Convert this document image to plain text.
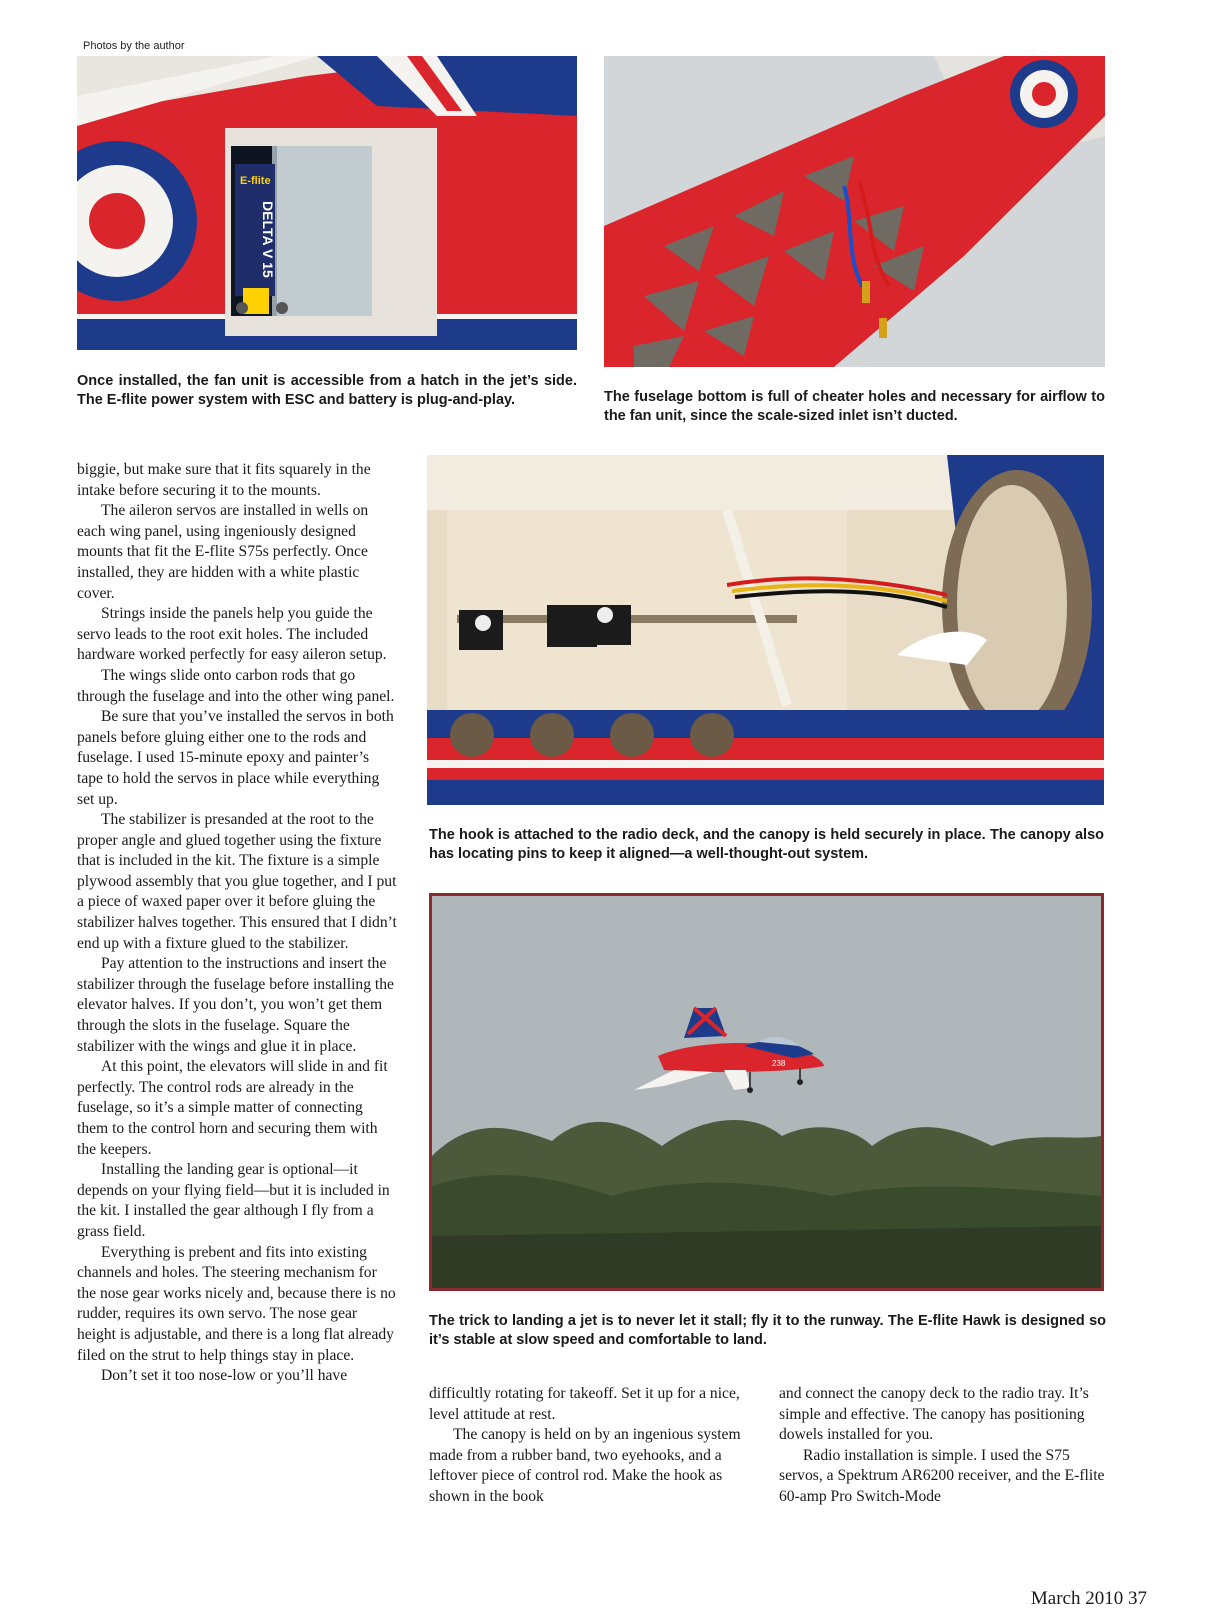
Photos by the author
E-flite
DELTA V 15
Once installed, the fan unit is accessible from a hatch in the jet’s side. The E-flite power system with ESC and battery is plug-and-play.	The fuselage bottom is full of cheater holes and necessary for airflow to the fan unit, since the scale-sized inlet isn’t ducted.
The hook is attached to the radio deck, and the canopy is held securely in place. The canopy also has locating pins to keep it aligned—a well-thought-out system.
238
The trick to landing a jet is to never let it stall; fly it to the runway. The E-flite Hawk is designed so it’s stable at slow speed and comfortable to land.

biggie, but make sure that it fits squarely in the intake before securing it to the mounts.

The aileron servos are installed in wells on each wing panel, using ingeniously designed mounts that fit the E-flite S75s perfectly. Once installed, they are hidden with a white plastic cover.

Strings inside the panels help you guide the servo leads to the root exit holes. The included hardware worked perfectly for easy aileron setup.

The wings slide onto carbon rods that go through the fuselage and into the other wing panel.

Be sure that you’ve installed the servos in both panels before gluing either one to the rods and fuselage. I used 15-minute epoxy and painter’s tape to hold the servos in place while everything set up.

The stabilizer is presanded at the root to the proper angle and glued together using the fixture that is included in the kit. The fixture is a simple plywood assembly that you glue together, and I put a piece of waxed paper over it before gluing the stabilizer halves together. This ensured that I didn’t end up with a fixture glued to the stabilizer.

Pay attention to the instructions and insert the stabilizer through the fuselage before installing the elevator halves. If you don’t, you won’t get them through the slots in the fuselage. Square the stabilizer with the wings and glue it in place.

At this point, the elevators will slide in and fit perfectly. The control rods are already in the fuselage, so it’s a simple matter of connecting them to the control horn and securing them with the keepers.

Installing the landing gear is optional—it depends on your flying field—but it is included in the kit. I installed the gear although I fly from a grass field.

Everything is prebent and fits into existing channels and holes. The steering mechanism for the nose gear works nicely and, because there is no rudder, requires its own servo. The nose gear height is adjustable, and there is a long flat already filed on the strut to help things stay in place.

Don’t set it too nose-low or you’ll have

difficultly rotating for takeoff. Set it up for a nice, level attitude at rest.

The canopy is held on by an ingenious system made from a rubber band, two eyehooks, and a leftover piece of control rod. Make the hook as shown in the book

and connect the canopy deck to the radio tray. It’s simple and effective. The canopy has positioning dowels installed for you.

Radio installation is simple. I used the S75 servos, a Spektrum AR6200 receiver, and the E-flite 60-amp Pro Switch-Mode

March 2010 37
